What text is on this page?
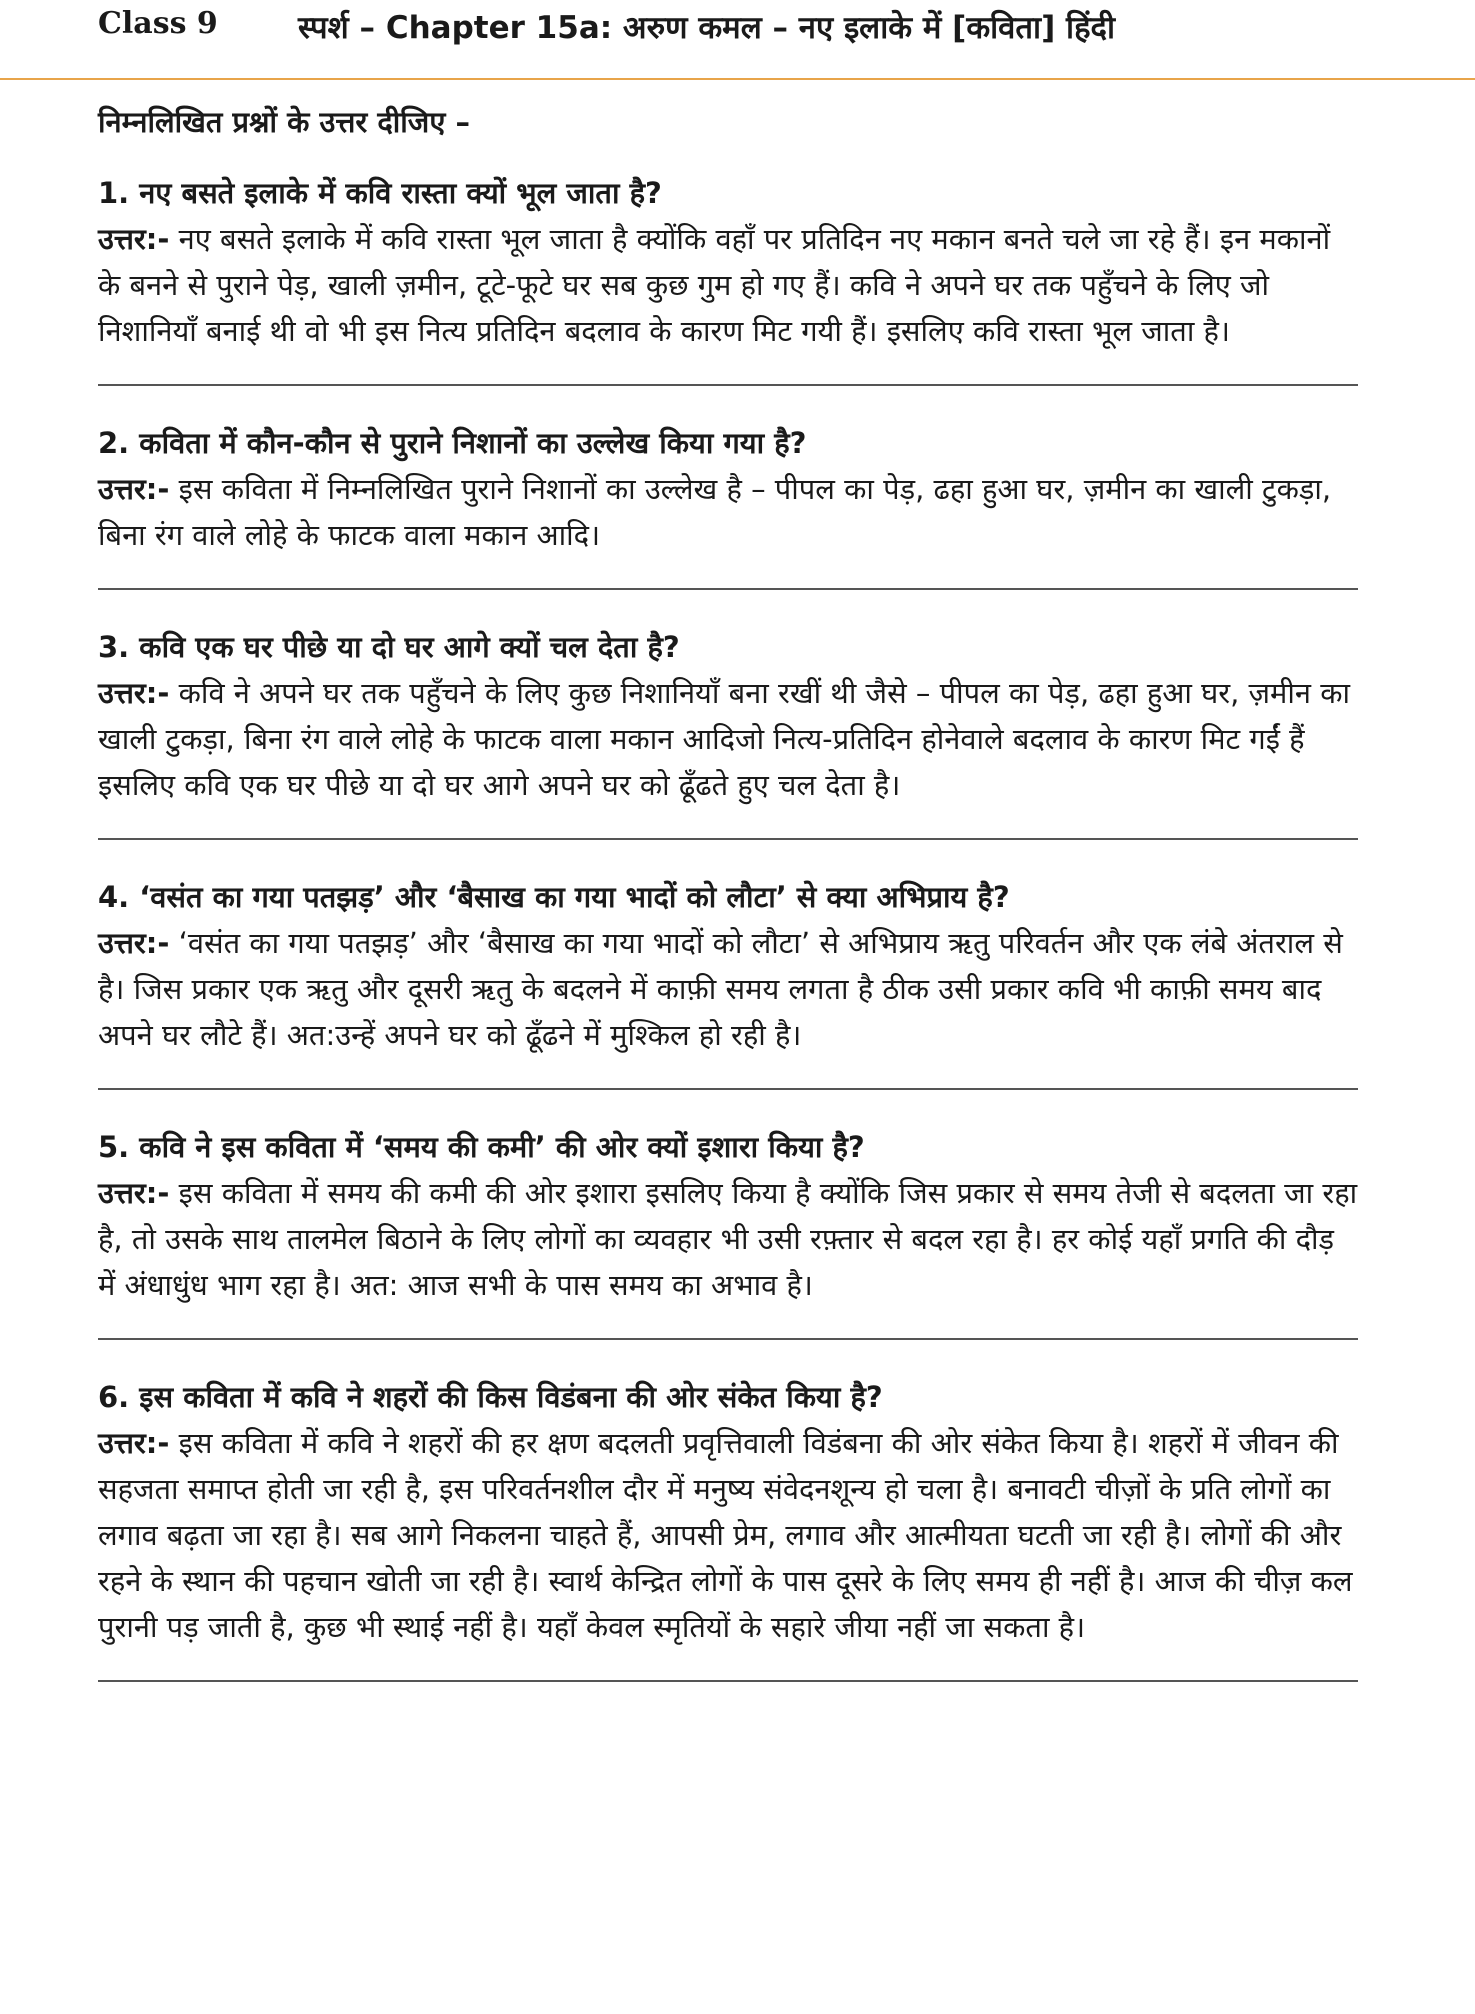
Class 9	स्पर्श – Chapter 15a: अरुण कमल – नए इलाके में [कविता] हिंदी
निम्नलिखित प्रश्नों के उत्तर दीजिए –

1. नए बसते इलाके में कवि रास्ता क्यों भूल जाता है?

उत्तर:- नए बसते इलाके में कवि रास्ता भूल जाता है क्योंकि वहाँ पर प्रतिदिन नए मकान बनते चले जा रहे हैं। इन मकानों के बनने से पुराने पेड़, खाली ज़मीन, टूटे-फूटे घर सब कुछ गुम हो गए हैं। कवि ने अपने घर तक पहुँचने के लिए जो निशानियाँ बनाई थी वो भी इस नित्य प्रतिदिन बदलाव के कारण मिट गयी हैं। इसलिए कवि रास्ता भूल जाता है।

2. कविता में कौन-कौन से पुराने निशानों का उल्लेख किया गया है?

उत्तर:- इस कविता में निम्नलिखित पुराने निशानों का उल्लेख है – पीपल का पेड़, ढहा हुआ घर, ज़मीन का खाली टुकड़ा, बिना रंग वाले लोहे के फाटक वाला मकान आदि।

3. कवि एक घर पीछे या दो घर आगे क्यों चल देता है?

उत्तर:- कवि ने अपने घर तक पहुँचने के लिए कुछ निशानियाँ बना रखीं थी जैसे – पीपल का पेड़, ढहा हुआ घर, ज़मीन का खाली टुकड़ा, बिना रंग वाले लोहे के फाटक वाला मकान आदिजो नित्य-प्रतिदिन होनेवाले बदलाव के कारण मिट गईं हैं इसलिए कवि एक घर पीछे या दो घर आगे अपने घर को ढूँढते हुए चल देता है।

4. ‘वसंत का गया पतझड़’ और ‘बैसाख का गया भादों को लौटा’ से क्या अभिप्राय है?

उत्तर:- ‘वसंत का गया पतझड़’ और ‘बैसाख का गया भादों को लौटा’ से अभिप्राय ऋतु परिवर्तन और एक लंबे अंतराल से है। जिस प्रकार एक ऋतु और दूसरी ऋतु के बदलने में काफ़ी समय लगता है ठीक उसी प्रकार कवि भी काफ़ी समय बाद अपने घर लौटे हैं। अत:उन्हें अपने घर को ढूँढने में मुश्किल हो रही है।

5. कवि ने इस कविता में ‘समय की कमी’ की ओर क्यों इशारा किया है?

उत्तर:- इस कविता में समय की कमी की ओर इशारा इसलिए किया है क्योंकि जिस प्रकार से समय तेजी से बदलता जा रहा है, तो उसके साथ तालमेल बिठाने के लिए लोगों का व्यवहार भी उसी रफ़्तार से बदल रहा है। हर कोई यहाँ प्रगति की दौड़ में अंधाधुंध भाग रहा है। अत: आज सभी के पास समय का अभाव है।

6. इस कविता में कवि ने शहरों की किस विडंबना की ओर संकेत किया है?

उत्तर:- इस कविता में कवि ने शहरों की हर क्षण बदलती प्रवृत्तिवाली विडंबना की ओर संकेत किया है। शहरों में जीवन की सहजता समाप्त होती जा रही है, इस परिवर्तनशील दौर में मनुष्य संवेदनशून्य हो चला है। बनावटी चीज़ों के प्रति लोगों का लगाव बढ़ता जा रहा है। सब आगे निकलना चाहते हैं, आपसी प्रेम, लगाव और आत्मीयता घटती जा रही है। लोगों की और रहने के स्थान की पहचान खोती जा रही है। स्वार्थ केन्द्रित लोगों के पास दूसरे के लिए समय ही नहीं है। आज की चीज़ कल पुरानी पड़ जाती है, कुछ भी स्थाई नहीं है। यहाँ केवल स्मृतियों के सहारे जीया नहीं जा सकता है।
